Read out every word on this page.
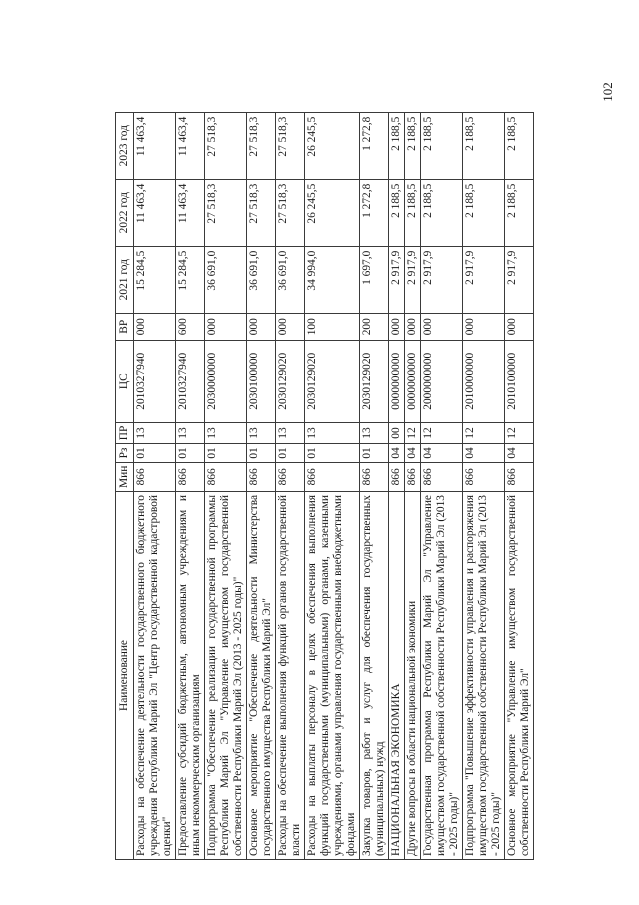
102
Наименование	Мин	Рз	ПР	ЦС	ВР	2021 год	2022 год	2023 год
Расходы на обеспечение деятельности государственного бюджетного учреждения Республики Марий Эл "Центр государственной кадастровой оценки"	866	01	13	2010327940	000	15 284,5	11 463,4	11 463,4
Предоставление субсидий бюджетным, автономным учреждениям и иным некоммерческим организациям	866	01	13	2010327940	600	15 284,5	11 463,4	11 463,4
Подпрограмма "Обеспечение реализации государственной программы Республики Марий Эл "Управление имуществом государственной собственности Республики Марий Эл (2013 - 2025 годы)"	866	01	13	2030000000	000	36 691,0	27 518,3	27 518,3
Основное мероприятие "Обеспечение деятельности Министерства государственного имущества Республики Марий Эл"	866	01	13	2030100000	000	36 691,0	27 518,3	27 518,3
Расходы на обеспечение выполнения функций органов государственной власти	866	01	13	2030129020	000	36 691,0	27 518,3	27 518,3
Расходы на выплаты персоналу в целях обеспечения выполнения функций государственными (муниципальными) органами, казенными учреждениями, органами управления государственными внебюджетными фондами	866	01	13	2030129020	100	34 994,0	26 245,5	26 245,5
Закупка товаров, работ и услуг для обеспечения государственных (муниципальных) нужд	866	01	13	2030129020	200	1 697,0	1 272,8	1 272,8
НАЦИОНАЛЬНАЯ ЭКОНОМИКА	866	04	00	0000000000	000	2 917,9	2 188,5	2 188,5
Другие вопросы в области национальной экономики	866	04	12	0000000000	000	2 917,9	2 188,5	2 188,5
Государственная программа Республики Марий Эл "Управление имуществом государственной собственности Республики Марий Эл (2013 - 2025 годы)"	866	04	12	2000000000	000	2 917,9	2 188,5	2 188,5
Подпрограмма "Повышение эффективности управления и распоряжения имуществом государственной собственности Республики Марий Эл (2013 - 2025 годы)"	866	04	12	2010000000	000	2 917,9	2 188,5	2 188,5
Основное мероприятие "Управление имуществом государственной собственности Республики Марий Эл"	866	04	12	2010100000	000	2 917,9	2 188,5	2 188,5
